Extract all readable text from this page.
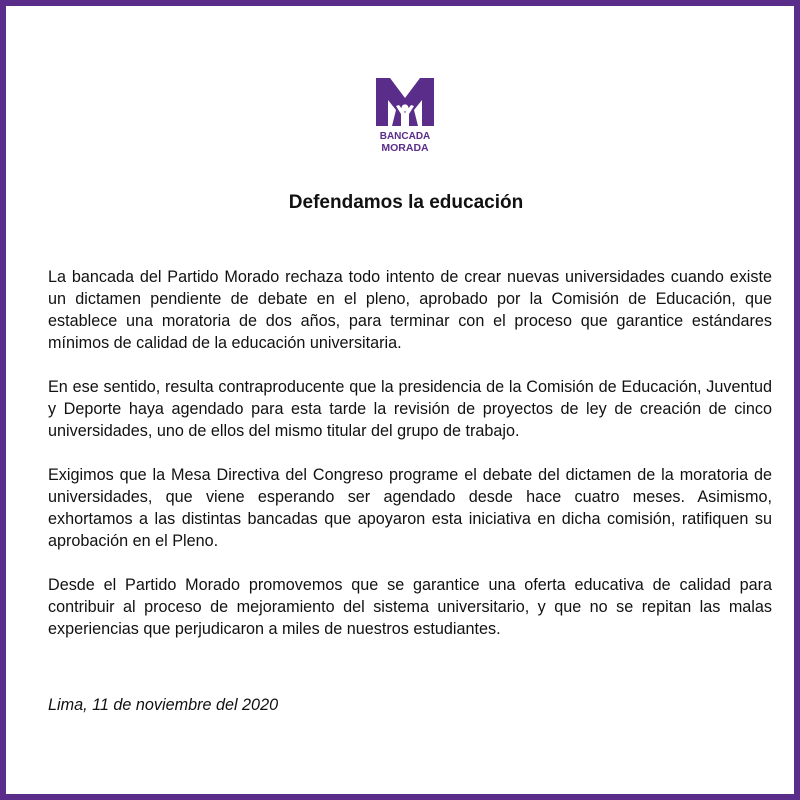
BANCADA
MORADA
Defendamos la educación

La bancada del Partido Morado rechaza todo intento de crear nuevas universidades cuando existe un dictamen pendiente de debate en el pleno, aprobado por la Comisión de Educación, que establece una moratoria de dos años, para terminar con el proceso que garantice estándares mínimos de calidad de la educación universitaria.

En ese sentido, resulta contraproducente que la presidencia de la Comisión de Educación, Juventud y Deporte haya agendado para esta tarde la revisión de proyectos de ley de creación de cinco universidades, uno de ellos del mismo titular del grupo de trabajo.

Exigimos que la Mesa Directiva del Congreso programe el debate del dictamen de la moratoria de universidades, que viene esperando ser agendado desde hace cuatro meses. Asimismo, exhortamos a las distintas bancadas que apoyaron esta iniciativa en dicha comisión, ratifiquen su aprobación en el Pleno.

Desde el Partido Morado promovemos que se garantice una oferta educativa de calidad para contribuir al proceso de mejoramiento del sistema universitario, y que no se repitan las malas experiencias que perjudicaron a miles de nuestros estudiantes.

Lima, 11 de noviembre del 2020
